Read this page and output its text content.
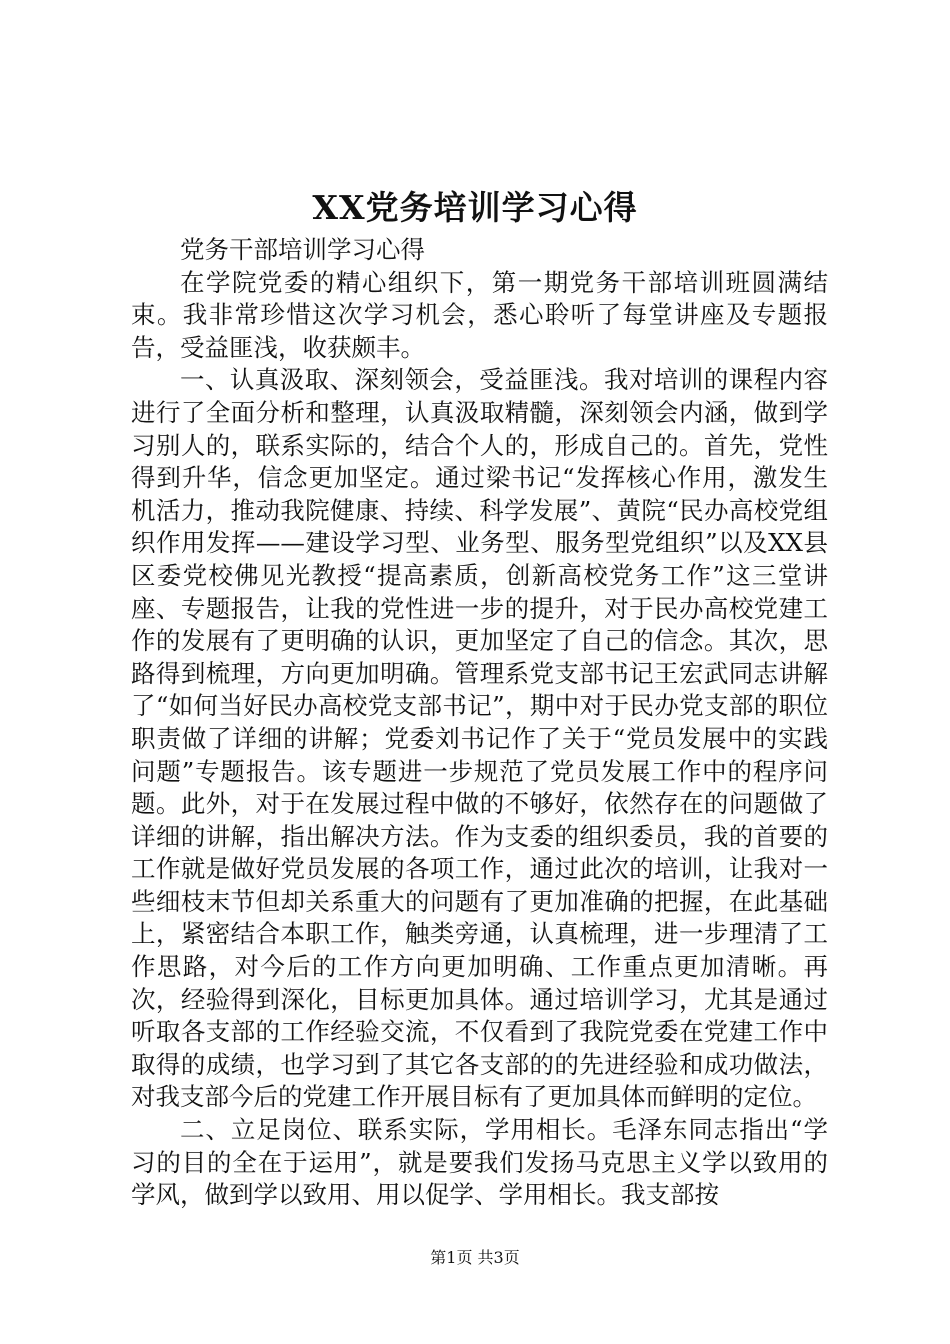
XX党务培训学习心得

党务干部培训学习心得

在学院党委的精心组织下，第一期党务干部培训班圆满结束。我非常珍惜这次学习机会，悉心聆听了每堂讲座及专题报告，受益匪浅，收获颇丰。

一、认真汲取、深刻领会，受益匪浅。我对培训的课程内容进行了全面分析和整理，认真汲取精髓，深刻领会内涵，做到学习别人的，联系实际的，结合个人的，形成自己的。首先，党性得到升华，信念更加坚定。通过梁书记“发挥核心作用，激发生机活力，推动我院健康、持续、科学发展”、黄院“民办高校党组织作用发挥——建设学习型、业务型、服务型党组织”以及XX县区委党校佛见光教授“提高素质，创新高校党务工作”这三堂讲座、专题报告，让我的党性进一步的提升，对于民办高校党建工作的发展有了更明确的认识，更加坚定了自己的信念。其次，思路得到梳理，方向更加明确。管理系党支部书记王宏武同志讲解了“如何当好民办高校党支部书记”，期中对于民办党支部的职位职责做了详细的讲解；党委刘书记作了关于“党员发展中的实践问题”专题报告。该专题进一步规范了党员发展工作中的程序问题。此外，对于在发展过程中做的不够好，依然存在的问题做了详细的讲解，指出解决方法。作为支委的组织委员，我的首要的工作就是做好党员发展的各项工作，通过此次的培训，让我对一些细枝末节但却关系重大的问题有了更加准确的把握，在此基础上，紧密结合本职工作，触类旁通，认真梳理，进一步理清了工作思路，对今后的工作方向更加明确、工作重点更加清晰。再次，经验得到深化，目标更加具体。通过培训学习，尤其是通过听取各支部的工作经验交流，不仅看到了我院党委在党建工作中取得的成绩，也学习到了其它各支部的的先进经验和成功做法，对我支部今后的党建工作开展目标有了更加具体而鲜明的定位。

二、立足岗位、联系实际，学用相长。毛泽东同志指出“学习的目的全在于运用”，就是要我们发扬马克思主义学以致用的学风，做到学以致用、用以促学、学用相长。我支部按

第1页 共3页
